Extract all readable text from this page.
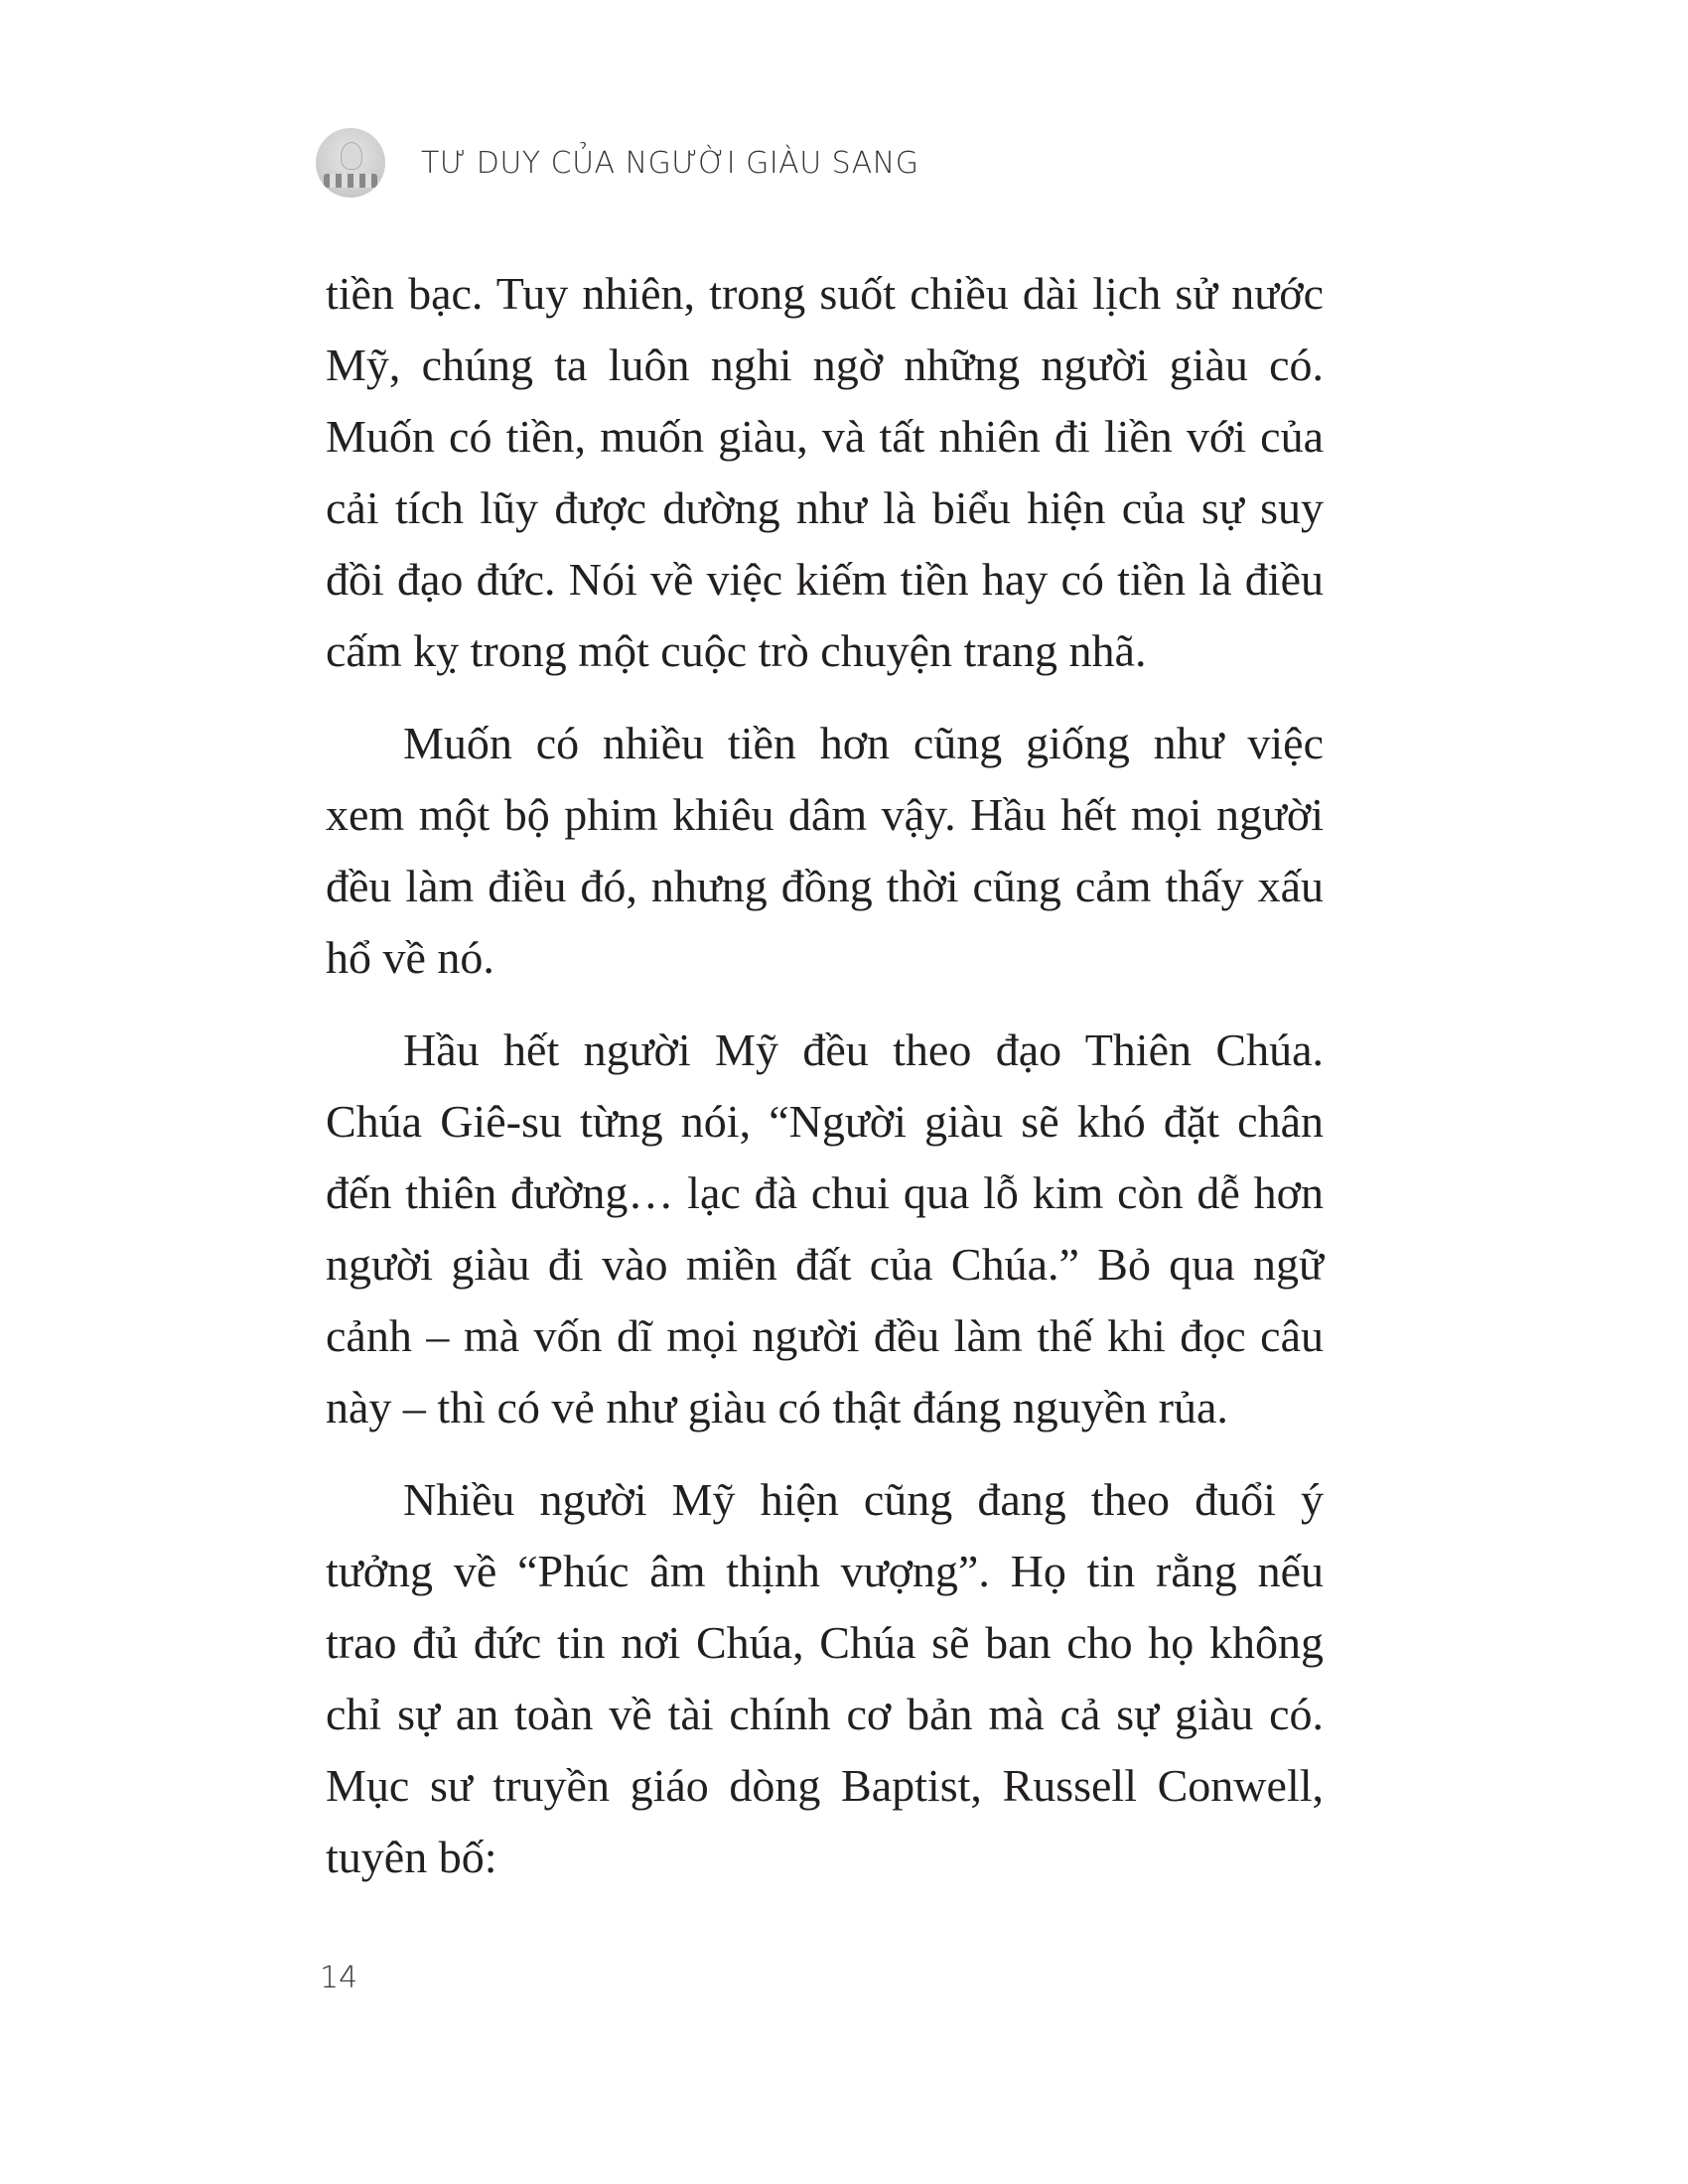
TƯ DUY CỦA NGƯỜI GIÀU SANG
tiền bạc. Tuy nhiên, trong suốt chiều dài lịch sử nước
Mỹ, chúng ta luôn nghi ngờ những người giàu có.
Muốn có tiền, muốn giàu, và tất nhiên đi liền với của
cải tích lũy được dường như là biểu hiện của sự suy
đồi đạo đức. Nói về việc kiếm tiền hay có tiền là điều
cấm kỵ trong một cuộc trò chuyện trang nhã.
Muốn có nhiều tiền hơn cũng giống như việc
xem một bộ phim khiêu dâm vậy. Hầu hết mọi người
đều làm điều đó, nhưng đồng thời cũng cảm thấy xấu
hổ về nó.
Hầu hết người Mỹ đều theo đạo Thiên Chúa.
Chúa Giê-su từng nói, “Người giàu sẽ khó đặt chân
đến thiên đường… lạc đà chui qua lỗ kim còn dễ hơn
người giàu đi vào miền đất của Chúa.” Bỏ qua ngữ
cảnh – mà vốn dĩ mọi người đều làm thế khi đọc câu
này – thì có vẻ như giàu có thật đáng nguyền rủa.
Nhiều người Mỹ hiện cũng đang theo đuổi ý
tưởng về “Phúc âm thịnh vượng”. Họ tin rằng nếu
trao đủ đức tin nơi Chúa, Chúa sẽ ban cho họ không
chỉ sự an toàn về tài chính cơ bản mà cả sự giàu có.
Mục sư truyền giáo dòng Baptist, Russell Conwell,
tuyên bố:
14
